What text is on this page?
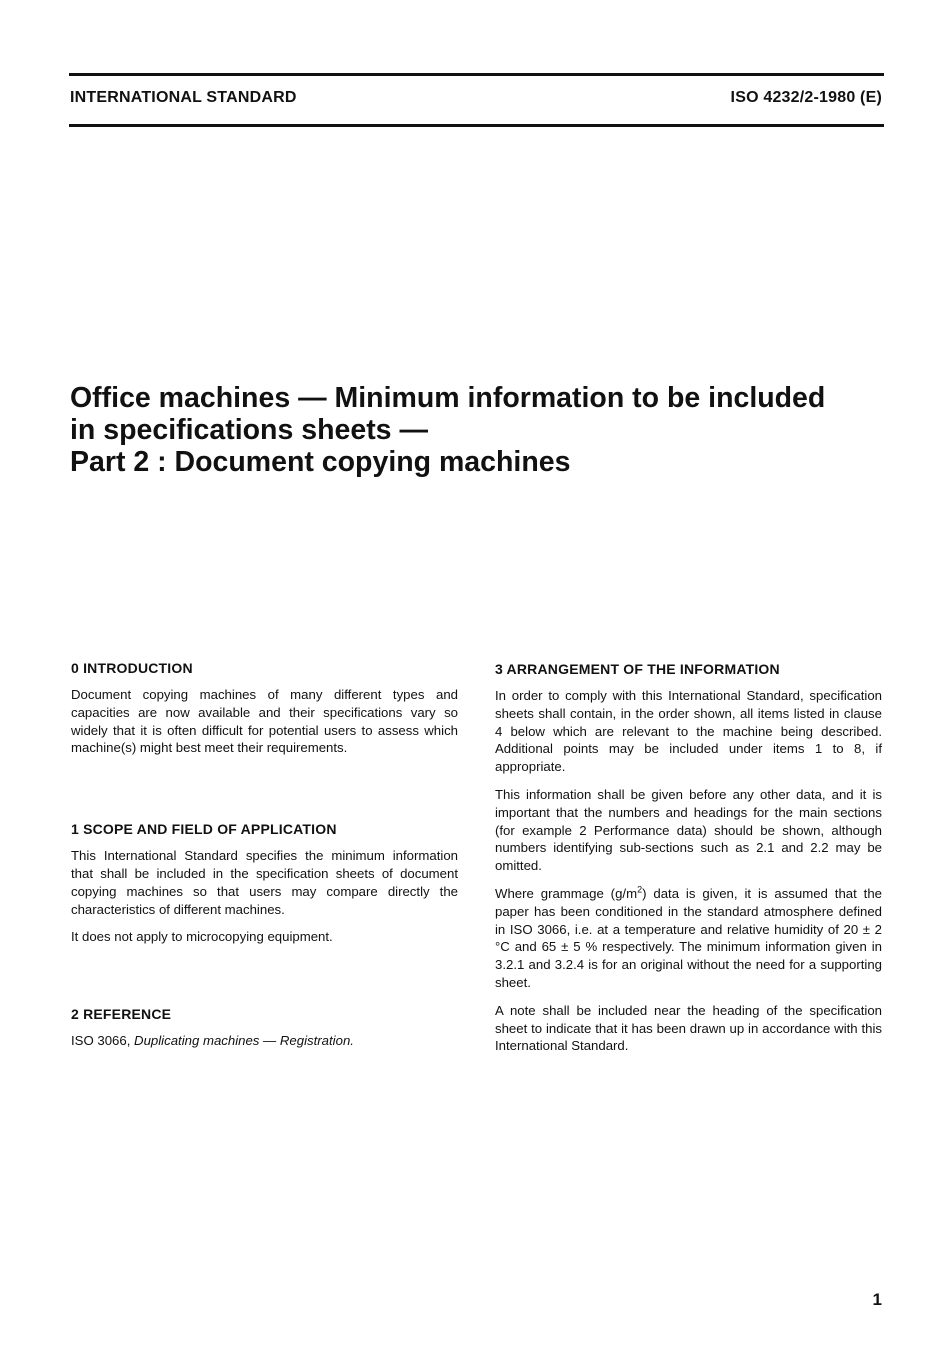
INTERNATIONAL STANDARD	ISO 4232/2-1980 (E)
Office machines — Minimum information to be included
in specifications sheets —
Part 2 : Document copying machines

0 INTRODUCTION

Document copying machines of many different types and capacities are now available and their specifications vary so widely that it is often difficult for potential users to assess which machine(s) might best meet their requirements.

1 SCOPE AND FIELD OF APPLICATION

This International Standard specifies the minimum information that shall be included in the specification sheets of document copying machines so that users may compare directly the characteristics of different machines.

It does not apply to microcopying equipment.

2 REFERENCE

ISO 3066, Duplicating machines — Registration.

3 ARRANGEMENT OF THE INFORMATION

In order to comply with this International Standard, specification sheets shall contain, in the order shown, all items listed in clause 4 below which are relevant to the machine being described. Additional points may be included under items 1 to 8, if appropriate.

This information shall be given before any other data, and it is important that the numbers and headings for the main sections (for example 2 Performance data) should be shown, although numbers identifying sub-sections such as 2.1 and 2.2 may be omitted.

Where grammage $(g/m^2)$ data is given, it is assumed that the paper has been conditioned in the standard atmosphere defined in ISO 3066, i.e. at a temperature and relative humidity of 20 ± 2 °C and 65 ± 5 % respectively. The minimum information given in 3.2.1 and 3.2.4 is for an original without the need for a supporting sheet.

A note shall be included near the heading of the specification sheet to indicate that it has been drawn up in accordance with this International Standard.

1
